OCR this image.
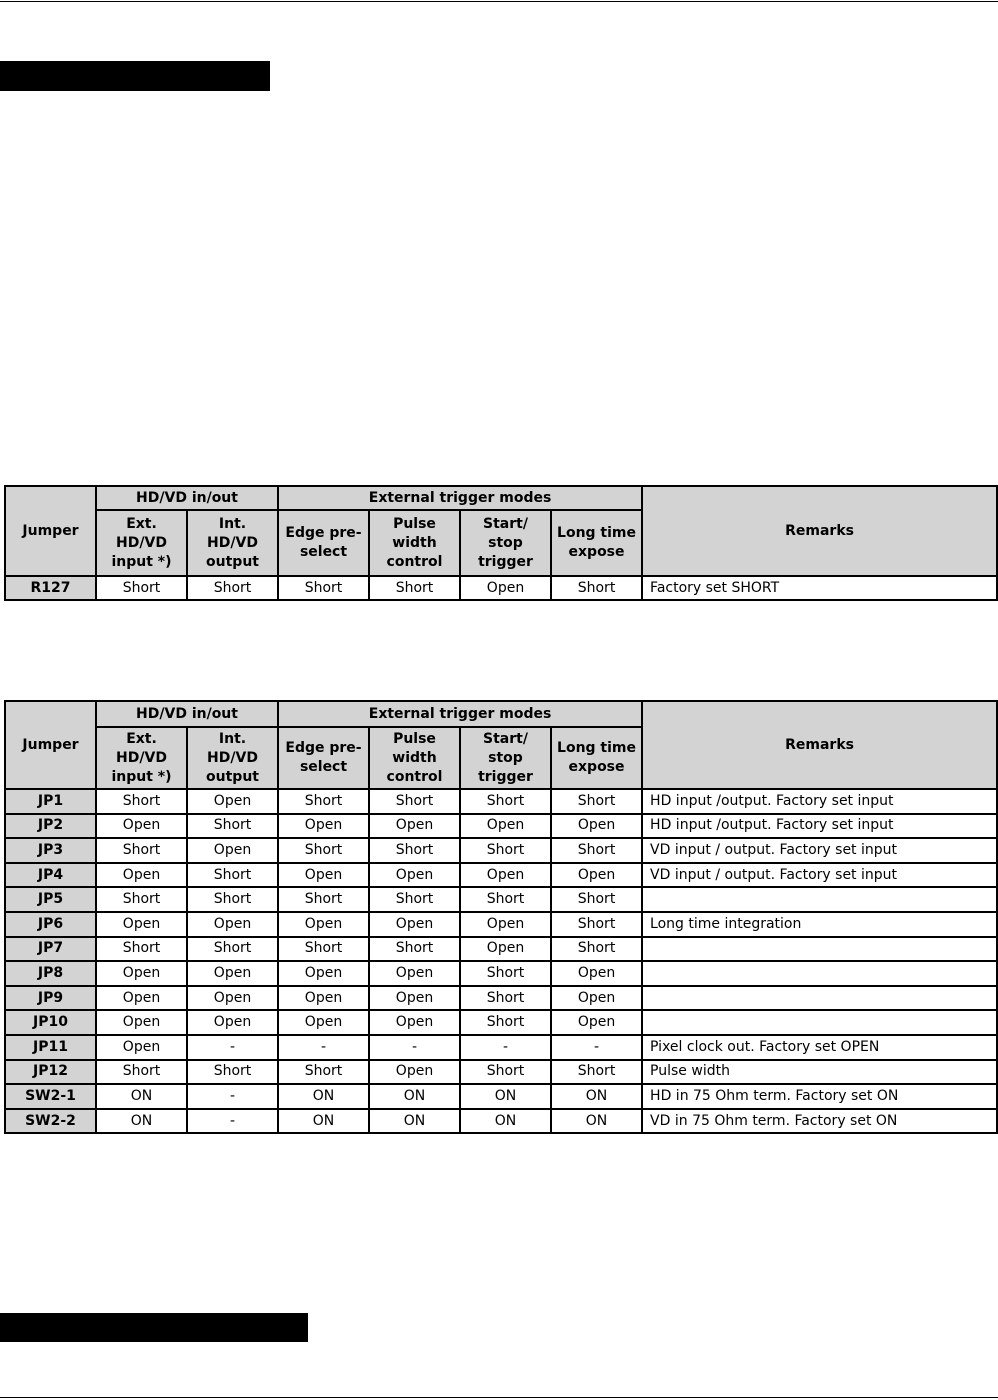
Jumper	HD/VD in/out		External trigger modes				Remarks
	Ext. HD/VD input *)	Int. HD/VD output	Edge pre-select	Pulse width control	Start/ stop trigger	Long time expose	
R127	Short	Short	Short	Short	Open	Short	Factory set SHORT
Jumper	HD/VD in/out		External trigger modes				Remarks
	Ext. HD/VD input *)	Int. HD/VD output	Edge pre-select	Pulse width control	Start/ stop trigger	Long time expose	
JP1	Short	Open	Short	Short	Short	Short	HD input /output. Factory set input
JP2	Open	Short	Open	Open	Open	Open	HD input /output. Factory set input
JP3	Short	Open	Short	Short	Short	Short	VD input / output. Factory set input
JP4	Open	Short	Open	Open	Open	Open	VD input / output. Factory set input
JP5	Short	Short	Short	Short	Short	Short	
JP6	Open	Open	Open	Open	Open	Short	Long time integration
JP7	Short	Short	Short	Short	Open	Short	
JP8	Open	Open	Open	Open	Short	Open	
JP9	Open	Open	Open	Open	Short	Open	
JP10	Open	Open	Open	Open	Short	Open	
JP11	Open	-	-	-	-	-	Pixel clock out. Factory set OPEN
JP12	Short	Short	Short	Open	Short	Short	Pulse width
SW2-1	ON	-	ON	ON	ON	ON	HD in 75 Ohm term. Factory set ON
SW2-2	ON	-	ON	ON	ON	ON	VD in 75 Ohm term. Factory set ON
